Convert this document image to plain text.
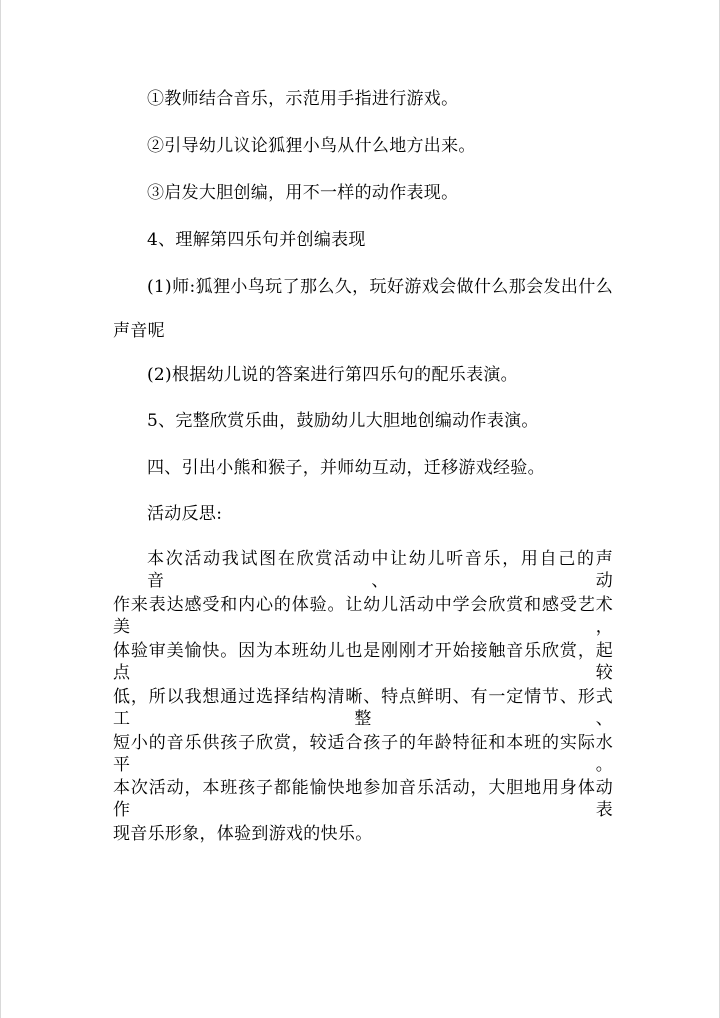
①教师结合音乐，示范用手指进行游戏。
②引导幼儿议论狐狸小鸟从什么地方出来。
③启发大胆创编，用不一样的动作表现。
4、理解第四乐句并创编表现
(1)师:狐狸小鸟玩了那么久，玩好游戏会做什么那会发出什么
声音呢
(2)根据幼儿说的答案进行第四乐句的配乐表演。
5、完整欣赏乐曲，鼓励幼儿大胆地创编动作表演。
四、引出小熊和猴子，并师幼互动，迁移游戏经验。
活动反思:
本次活动我试图在欣赏活动中让幼儿听音乐，用自己的声音、动
作来表达感受和内心的体验。让幼儿活动中学会欣赏和感受艺术美，
体验审美愉快。因为本班幼儿也是刚刚才开始接触音乐欣赏，起点较
低，所以我想通过选择结构清晰、特点鲜明、有一定情节、形式工整、
短小的音乐供孩子欣赏，较适合孩子的年龄特征和本班的实际水平。
本次活动，本班孩子都能愉快地参加音乐活动，大胆地用身体动作表
现音乐形象，体验到游戏的快乐。
